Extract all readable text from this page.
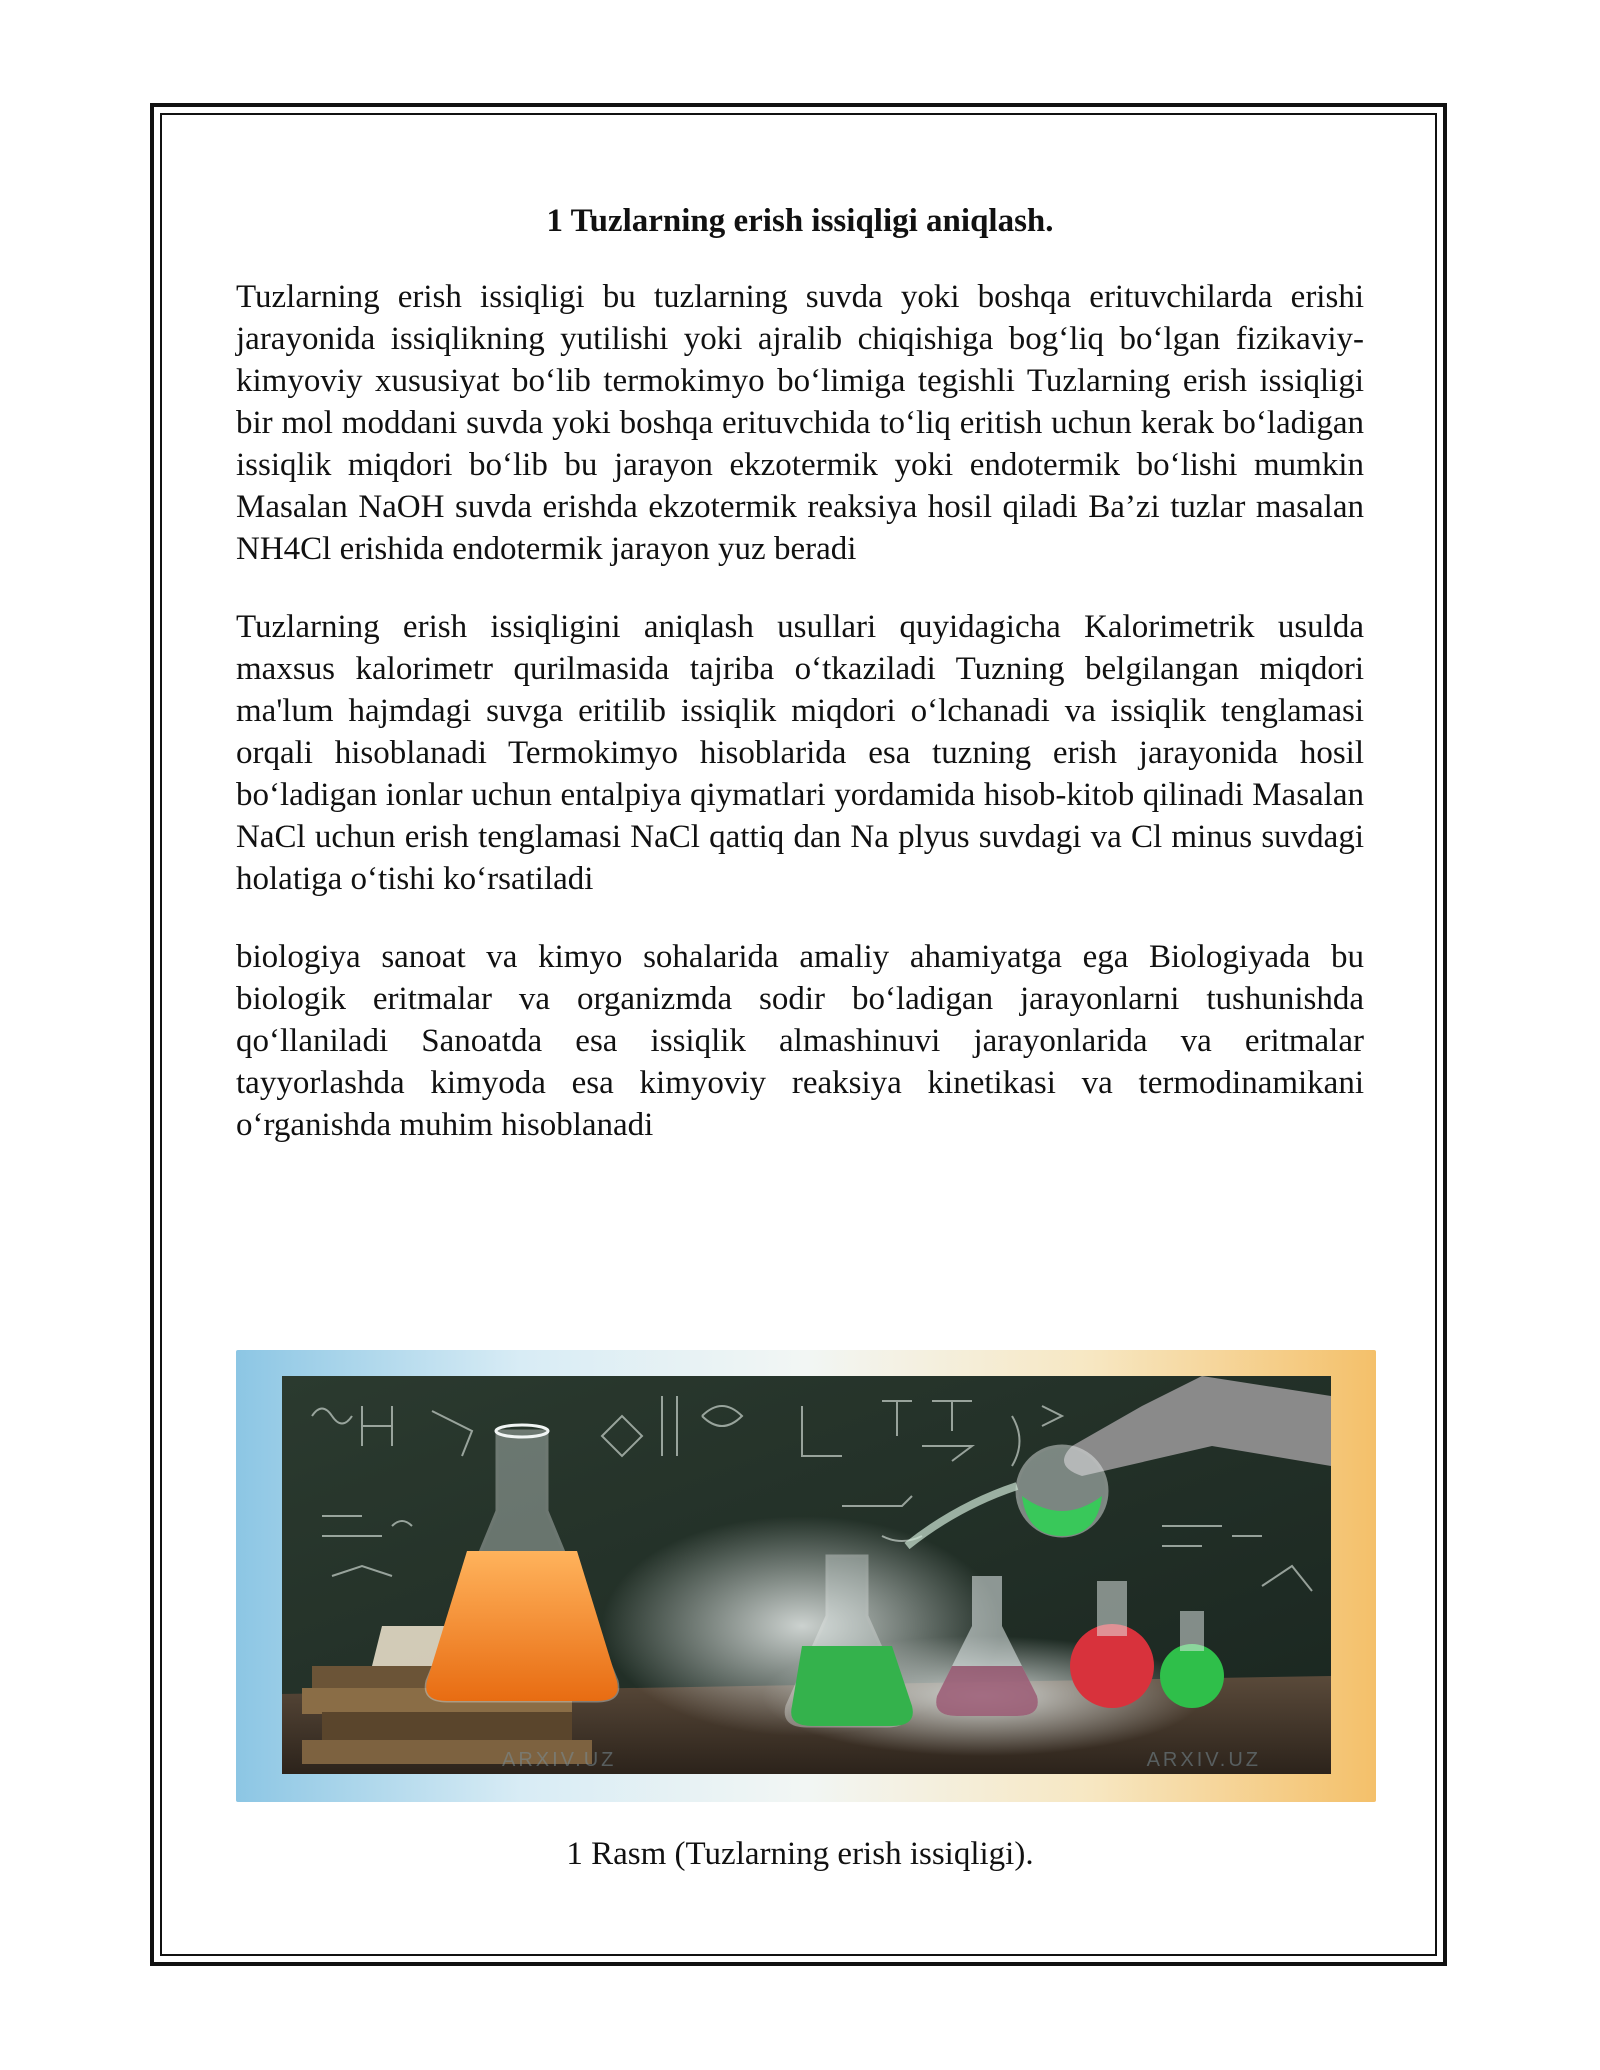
1 Tuzlarning erish issiqligi aniqlash.

Tuzlarning erish issiqligi bu tuzlarning suvda yoki boshqa erituvchilarda erishi jarayonida issiqlikning yutilishi yoki ajralib chiqishiga bog‘liq bo‘lgan fizikaviy-kimyoviy xususiyat bo‘lib termokimyo bo‘limiga tegishli Tuzlarning erish issiqligi bir mol moddani suvda yoki boshqa erituvchida to‘liq eritish uchun kerak bo‘ladigan issiqlik miqdori bo‘lib bu jarayon ekzotermik yoki endotermik bo‘lishi mumkin Masalan NaOH suvda erishda ekzotermik reaksiya hosil qiladi Ba’zi tuzlar masalan NH4Cl erishida endotermik jarayon yuz beradi

Tuzlarning erish issiqligini aniqlash usullari quyidagicha Kalorimetrik usulda maxsus kalorimetr qurilmasida tajriba o‘tkaziladi Tuzning belgilangan miqdori ma'lum hajmdagi suvga eritilib issiqlik miqdori o‘lchanadi va issiqlik tenglamasi orqali hisoblanadi Termokimyo hisoblarida esa tuzning erish jarayonida hosil bo‘ladigan ionlar uchun entalpiya qiymatlari yordamida hisob-kitob qilinadi Masalan NaCl uchun erish tenglamasi NaCl qattiq dan Na plyus suvdagi va Cl minus suvdagi holatiga o‘tishi ko‘rsatiladi

biologiya sanoat va kimyo sohalarida amaliy ahamiyatga ega Biologiyada bu biologik eritmalar va organizmda sodir bo‘ladigan jarayonlarni tushunishda qo‘llaniladi Sanoatda esa issiqlik almashinuvi jarayonlarida va eritmalar tayyorlashda kimyoda esa kimyoviy reaksiya kinetikasi va termodinamikani o‘rganishda muhim hisoblanadi

ARXIV.UZ	ARXIV.UZ
1 Rasm (Tuzlarning erish issiqligi).
